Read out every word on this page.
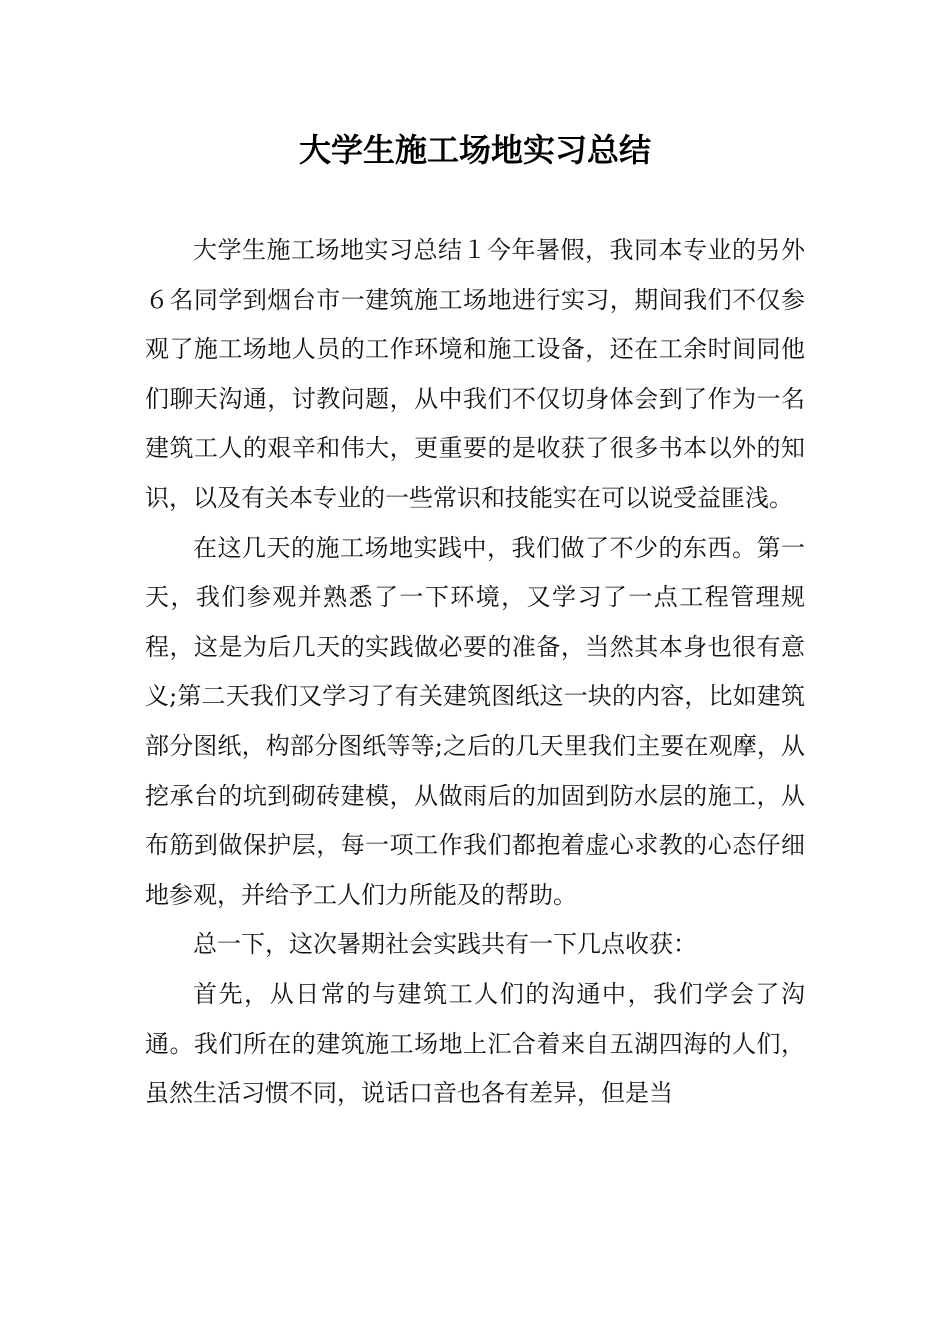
大学生施工场地实习总结

大学生施工场地实习总结１今年暑假，我同本专业的另外６名同学到烟台市一建筑施工场地进行实习，期间我们不仅参观了施工场地人员的工作环境和施工设备，还在工余时间同他们聊天沟通，讨教问题，从中我们不仅切身体会到了作为一名建筑工人的艰辛和伟大，更重要的是收获了很多书本以外的知识，以及有关本专业的一些常识和技能实在可以说受益匪浅。

在这几天的施工场地实践中，我们做了不少的东西。第一天，我们参观并熟悉了一下环境，又学习了一点工程管理规程，这是为后几天的实践做必要的准备，当然其本身也很有意义;第二天我们又学习了有关建筑图纸这一块的内容，比如建筑部分图纸，构部分图纸等等;之后的几天里我们主要在观摩，从挖承台的坑到砌砖建模，从做雨后的加固到防水层的施工，从布筋到做保护层，每一项工作我们都抱着虚心求教的心态仔细地参观，并给予工人们力所能及的帮助。

总一下，这次暑期社会实践共有一下几点收获：

首先，从日常的与建筑工人们的沟通中，我们学会了沟通。我们所在的建筑施工场地上汇合着来自五湖四海的人们，虽然生活习惯不同，说话口音也各有差异，但是当
